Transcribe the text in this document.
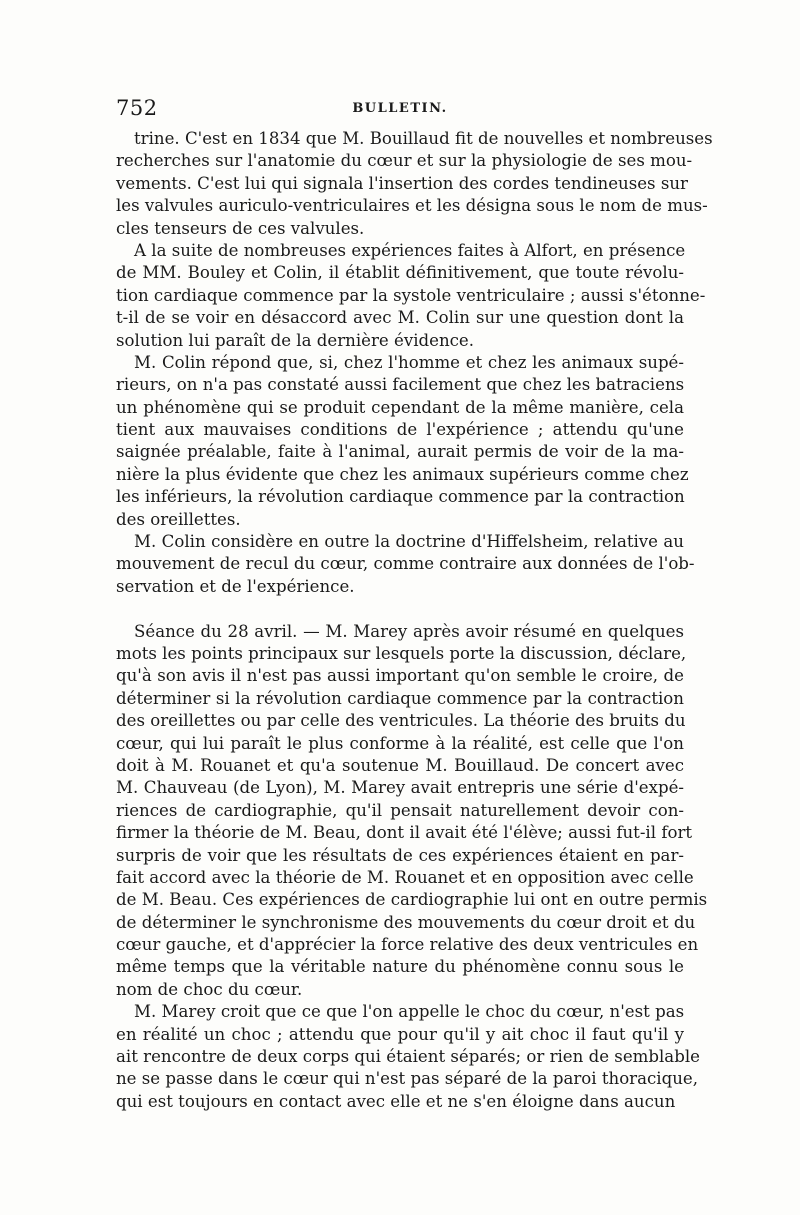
752	BULLETIN.
trine. C'est en 1834 que M. Bouillaud fit de nouvelles et nombreuses
recherches sur l'anatomie du cœur et sur la physiologie de ses mou-
vements. C'est lui qui signala l'insertion des cordes tendineuses sur
les valvules auriculo-ventriculaires et les désigna sous le nom de mus-
cles tenseurs de ces valvules.
A la suite de nombreuses expériences faites à Alfort, en présence
de MM. Bouley et Colin, il établit définitivement, que toute révolu-
tion cardiaque commence par la systole ventriculaire ; aussi s'étonne-
t-il de se voir en désaccord avec M. Colin sur une question dont la
solution lui paraît de la dernière évidence.
M. Colin répond que, si, chez l'homme et chez les animaux supé-
rieurs, on n'a pas constaté aussi facilement que chez les batraciens
un phénomène qui se produit cependant de la même manière, cela
tient aux mauvaises conditions de l'expérience ; attendu qu'une
saignée préalable, faite à l'animal, aurait permis de voir de la ma-
nière la plus évidente que chez les animaux supérieurs comme chez
les inférieurs, la révolution cardiaque commence par la contraction
des oreillettes.
M. Colin considère en outre la doctrine d'Hiffelsheim, relative au
mouvement de recul du cœur, comme contraire aux données de l'ob-
servation et de l'expérience.
Séance du 28 avril. — M. Marey après avoir résumé en quelques
mots les points principaux sur lesquels porte la discussion, déclare,
qu'à son avis il n'est pas aussi important qu'on semble le croire, de
déterminer si la révolution cardiaque commence par la contraction
des oreillettes ou par celle des ventricules. La théorie des bruits du
cœur, qui lui paraît le plus conforme à la réalité, est celle que l'on
doit à M. Rouanet et qu'a soutenue M. Bouillaud. De concert avec
M. Chauveau (de Lyon), M. Marey avait entrepris une série d'expé-
riences de cardiographie, qu'il pensait naturellement devoir con-
firmer la théorie de M. Beau, dont il avait été l'élève; aussi fut-il fort
surpris de voir que les résultats de ces expériences étaient en par-
fait accord avec la théorie de M. Rouanet et en opposition avec celle
de M. Beau. Ces expériences de cardiographie lui ont en outre permis
de déterminer le synchronisme des mouvements du cœur droit et du
cœur gauche, et d'apprécier la force relative des deux ventricules en
même temps que la véritable nature du phénomène connu sous le
nom de choc du cœur.
M. Marey croit que ce que l'on appelle le choc du cœur, n'est pas
en réalité un choc ; attendu que pour qu'il y ait choc il faut qu'il y
ait rencontre de deux corps qui étaient séparés; or rien de semblable
ne se passe dans le cœur qui n'est pas séparé de la paroi thoracique,
qui est toujours en contact avec elle et ne s'en éloigne dans aucun
